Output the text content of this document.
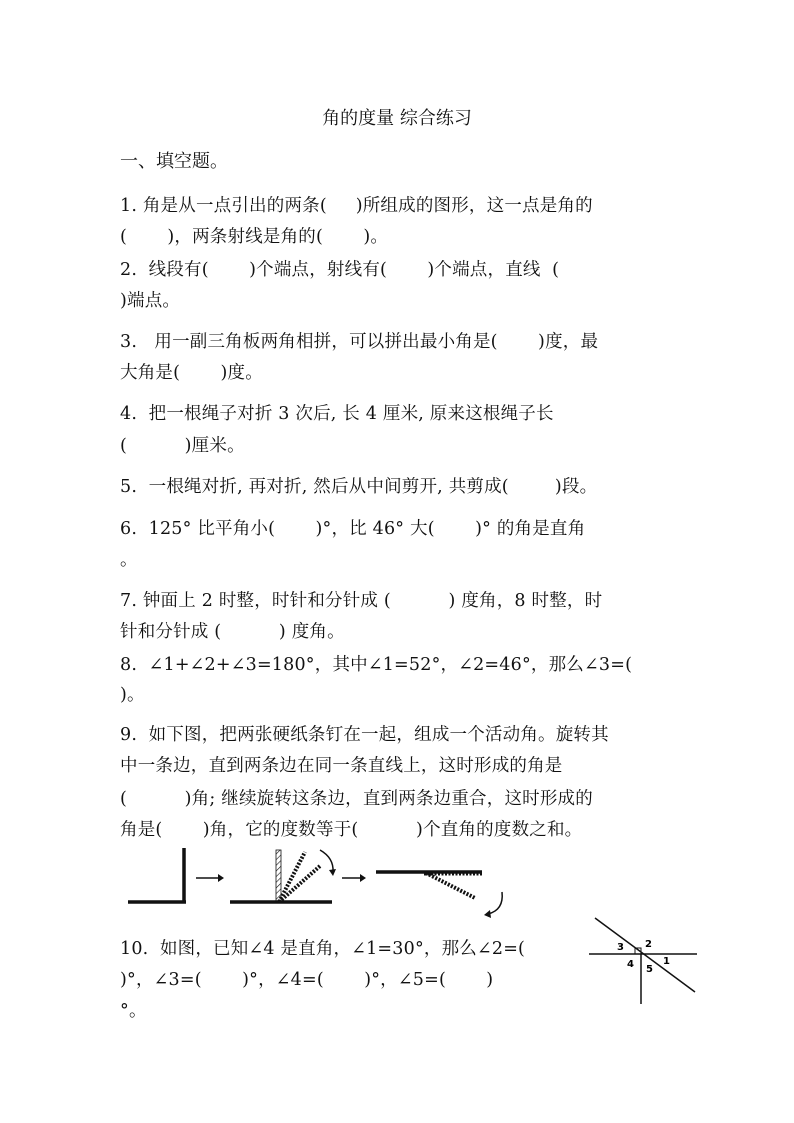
角的度量 综合练习
一、填空题。
1. 角是从一点引出的两条(     )所组成的图形，这一点是角的
(       )，两条射线是角的(       )。
2.  线段有(       )个端点，射线有(       )个端点，直线  (
)端点。
3.   用一副三角板两角相拼，可以拼出最小角是(       )度，最
大角是(       )度。
4.  把一根绳子对折 3 次后, 长 4 厘米, 原来这根绳子长
(          )厘米。
5.  一根绳对折, 再对折, 然后从中间剪开, 共剪成(        )段。
6.  125° 比平角小(       )°，比 46° 大(       )° 的角是直角
。
7. 钟面上 2 时整，时针和分针成 (          ) 度角，8 时整，时
针和分针成 (          ) 度角。
8.  ∠1+∠2+∠3=180°，其中∠1=52°，∠2=46°，那么∠3=(
)。
9.  如下图，把两张硬纸条钉在一起，组成一个活动角。旋转其
中一条边，直到两条边在同一条直线上，这时形成的角是
(          )角; 继续旋转这条边，直到两条边重合，这时形成的
角是(       )角，它的度数等于(          )个直角的度数之和。
10.  如图，已知∠4 是直角，∠1=30°，那么∠2=(
)°，∠3=(       )°，∠4=(       )°，∠5=(       )
°。
1
2
3
4 5
